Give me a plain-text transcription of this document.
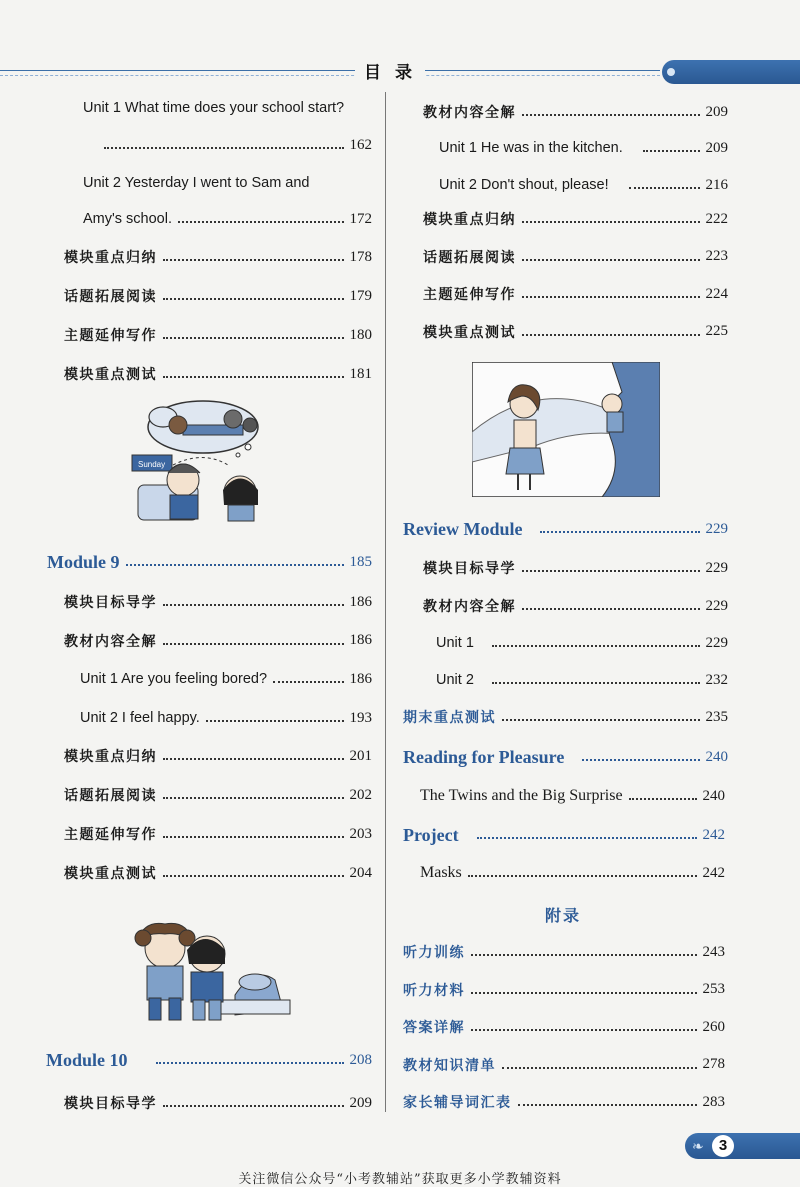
目 录
Unit 1 What time does your school start?
162
Unit 2 Yesterday I went to Sam and
Amy's school.	172
模块重点归纳	178
话题拓展阅读	179
主题延伸写作	180
模块重点测试	181
Sunday
Module 9	185
模块目标导学	186
教材内容全解	186
Unit 1 Are you feeling bored?	186
Unit 2 I feel happy.	193
模块重点归纳	201
话题拓展阅读	202
主题延伸写作	203
模块重点测试	204
Module 10	208
模块目标导学	209
教材内容全解	209
Unit 1 He was in the kitchen.	209
Unit 2 Don't shout, please!	216
模块重点归纳	222
话题拓展阅读	223
主题延伸写作	224
模块重点测试	225
Review Module	229
模块目标导学	229
教材内容全解	229
Unit 1	229
Unit 2	232
期末重点测试	235
Reading for Pleasure	240
The Twins and the Big Surprise	240
Project	242
Masks	242
附录
听力训练	243
听力材料	253
答案详解	260
教材知识清单	278
家长辅导词汇表	283
❧	3
关注微信公众号“小考教辅站”获取更多小学教辅资料
